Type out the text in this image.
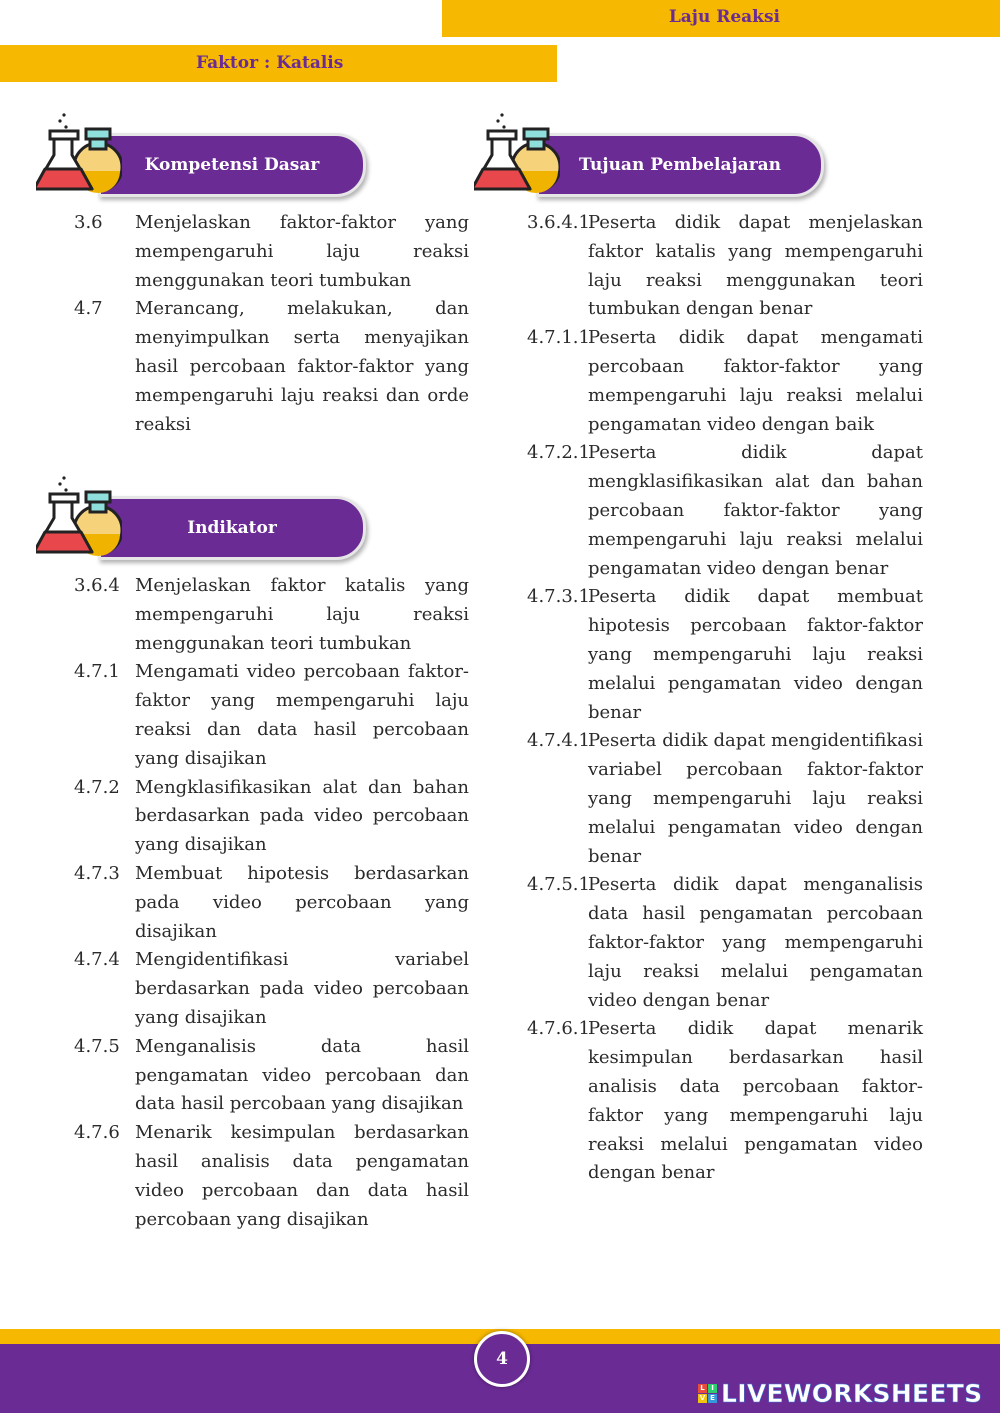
Laju Reaksi
Faktor : Katalis
Kompetensi Dasar	Tujuan Pembelajaran
Indikator
3.6	Menjelaskan faktor-faktor yang mempengaruhi laju reaksi menggunakan teori tumbukan
4.7	Merancang, melakukan, dan menyimpulkan serta menyajikan hasil percobaan faktor-faktor yang mempengaruhi laju reaksi dan orde reaksi
3.6.4 Menjelaskan faktor katalis yang mempengaruhi laju reaksi menggunakan teori tumbukan
4.7.1 Mengamati video percobaan faktor-faktor yang mempengaruhi laju reaksi dan data hasil percobaan yang disajikan
4.7.2 Mengklasifikasikan alat dan bahan berdasarkan pada video percobaan yang disajikan
4.7.3 Membuat hipotesis berdasarkan pada video percobaan yang disajikan
4.7.4 Mengidentifikasi variabel berdasarkan pada video percobaan yang disajikan
4.7.5 Menganalisis data hasil pengamatan video percobaan dan data hasil percobaan yang disajikan
4.7.6 Menarik kesimpulan berdasarkan hasil analisis data pengamatan video percobaan dan data hasil percobaan yang disajikan
3.6.4.1
Peserta didik dapat menjelaskan faktor katalis yang mempengaruhi laju reaksi menggunakan teori tumbukan dengan benar
4.7.1.1
Peserta didik dapat mengamati percobaan faktor-faktor yang mempengaruhi laju reaksi melalui pengamatan video dengan baik
4.7.2.1
Peserta didik dapat mengklasifikasikan alat dan bahan percobaan faktor-faktor yang mempengaruhi laju reaksi melalui pengamatan video dengan benar
4.7.3.1
Peserta didik dapat membuat hipotesis percobaan faktor-faktor yang mempengaruhi laju reaksi melalui pengamatan video dengan benar
4.7.4.1
Peserta didik dapat mengidentifikasi variabel percobaan faktor-faktor yang mempengaruhi laju reaksi melalui pengamatan video dengan benar
4.7.5.1
Peserta didik dapat menganalisis data hasil pengamatan percobaan faktor-faktor yang mempengaruhi laju reaksi melalui pengamatan video dengan benar
4.7.6.1
Peserta didik dapat menarik kesimpulan berdasarkan hasil analisis data percobaan faktor-faktor yang mempengaruhi laju reaksi melalui pengamatan video dengan benar
4
L I
V E LIVEWORKSHEETS
